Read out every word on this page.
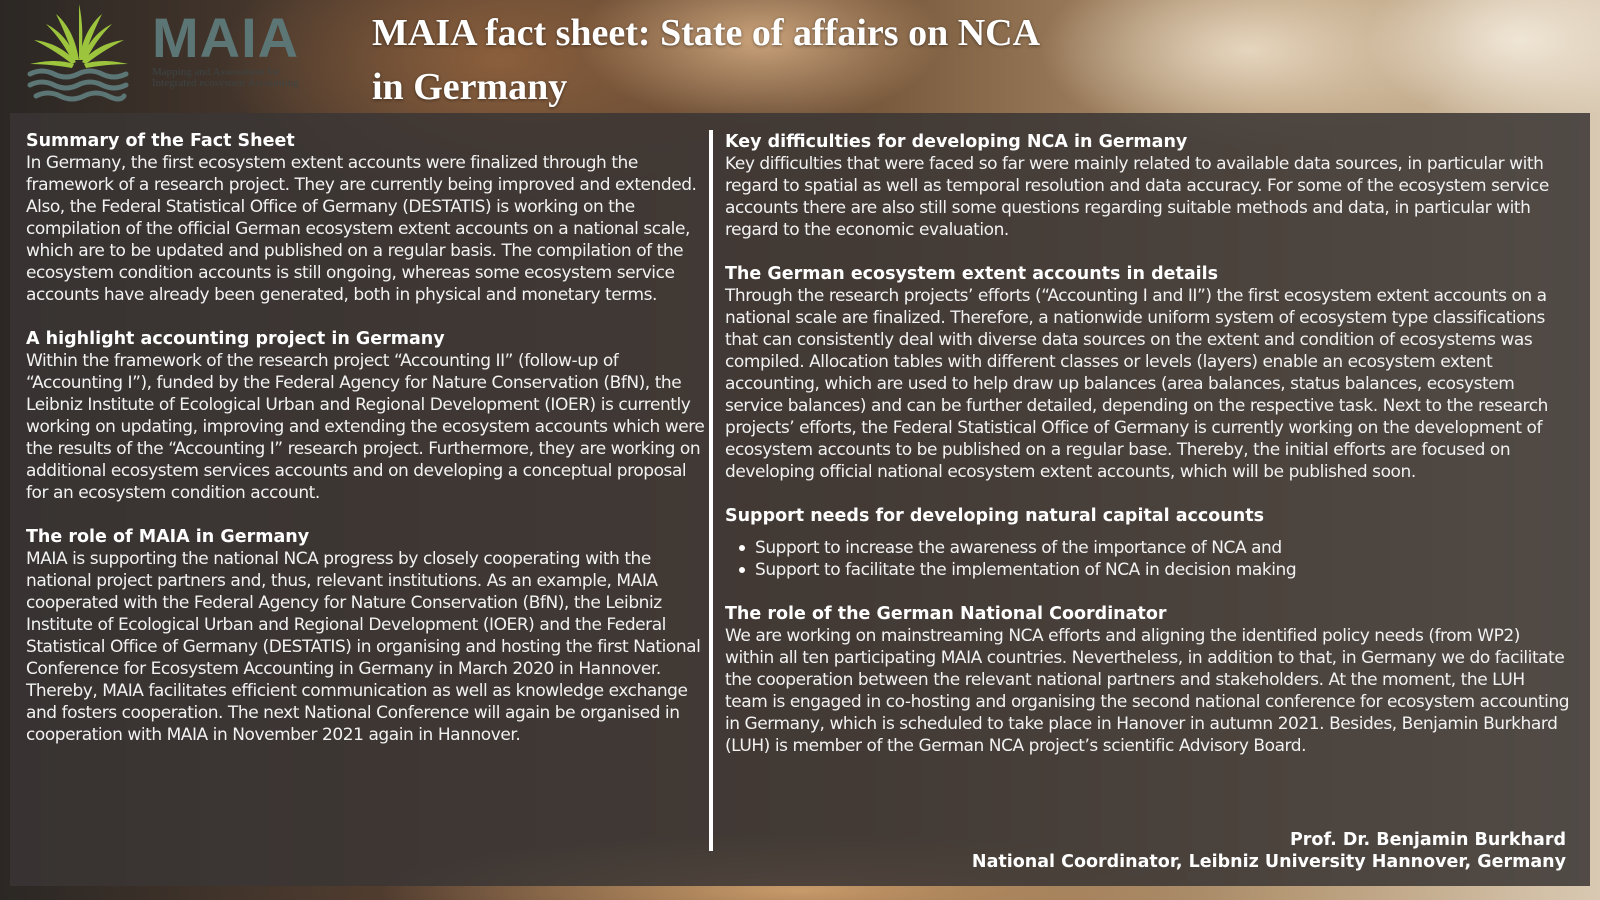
MAIA
Mapping and Assessment for
Integrated ecosystem Accounting
MAIA fact sheet: State of affairs on NCA
in Germany
Summary of the Fact Sheet

In Germany, the first ecosystem extent accounts were finalized through the framework of a research project. They are currently being improved and extended. Also, the Federal Statistical Office of Germany (DESTATIS) is working on the compilation of the official German ecosystem extent accounts on a national scale, which are to be updated and published on a regular basis. The compilation of the ecosystem condition accounts is still ongoing, whereas some ecosystem service accounts have already been generated, both in physical and monetary terms.

A highlight accounting project in Germany

Within the framework of the research project “Accounting II” (follow-up of “Accounting I”), funded by the Federal Agency for Nature Conservation (BfN), the Leibniz Institute of Ecological Urban and Regional Development (IOER) is currently working on updating, improving and extending the ecosystem accounts which were the results of the “Accounting I” research project. Furthermore, they are working on additional ecosystem services accounts and on developing a conceptual proposal for an ecosystem condition account.

The role of MAIA in Germany

MAIA is supporting the national NCA progress by closely cooperating with the national project partners and, thus, relevant institutions. As an example, MAIA cooperated with the Federal Agency for Nature Conservation (BfN), the Leibniz Institute of Ecological Urban and Regional Development (IOER) and the Federal Statistical Office of Germany (DESTATIS) in organising and hosting the first National Conference for Ecosystem Accounting in Germany in March 2020 in Hannover. Thereby, MAIA facilitates efficient communication as well as knowledge exchange and fosters cooperation. The next National Conference will again be organised in cooperation with MAIA in November 2021 again in Hannover.

Key difficulties for developing NCA in Germany

Key difficulties that were faced so far were mainly related to available data sources, in particular with regard to spatial as well as temporal resolution and data accuracy. For some of the ecosystem service accounts there are also still some questions regarding suitable methods and data, in particular with regard to the economic evaluation.

The German ecosystem extent accounts in details

Through the research projects’ efforts (“Accounting I and II”) the first ecosystem extent accounts on a national scale are finalized. Therefore, a nationwide uniform system of ecosystem type classifications that can consistently deal with diverse data sources on the extent and condition of ecosystems was compiled. Allocation tables with different classes or levels (layers) enable an ecosystem extent accounting, which are used to help draw up balances (area balances, status balances, ecosystem service balances) and can be further detailed, depending on the respective task. Next to the research projects’ efforts, the Federal Statistical Office of Germany is currently working on the development of ecosystem accounts to be published on a regular base. Thereby, the initial efforts are focused on developing official national ecosystem extent accounts, which will be published soon.

Support needs for developing natural capital accounts
Support to increase the awareness of the importance of NCA and
Support to facilitate the implementation of NCA in decision making
The role of the German National Coordinator

We are working on mainstreaming NCA efforts and aligning the identified policy needs (from WP2) within all ten participating MAIA countries. Nevertheless, in addition to that, in Germany we do facilitate the cooperation between the relevant national partners and stakeholders. At the moment, the LUH team is engaged in co-hosting and organising the second national conference for ecosystem accounting in Germany, which is scheduled to take place in Hanover in autumn 2021. Besides, Benjamin Burkhard (LUH) is member of the German NCA project’s scientific Advisory Board.

Prof. Dr. Benjamin Burkhard
National Coordinator, Leibniz University Hannover, Germany
